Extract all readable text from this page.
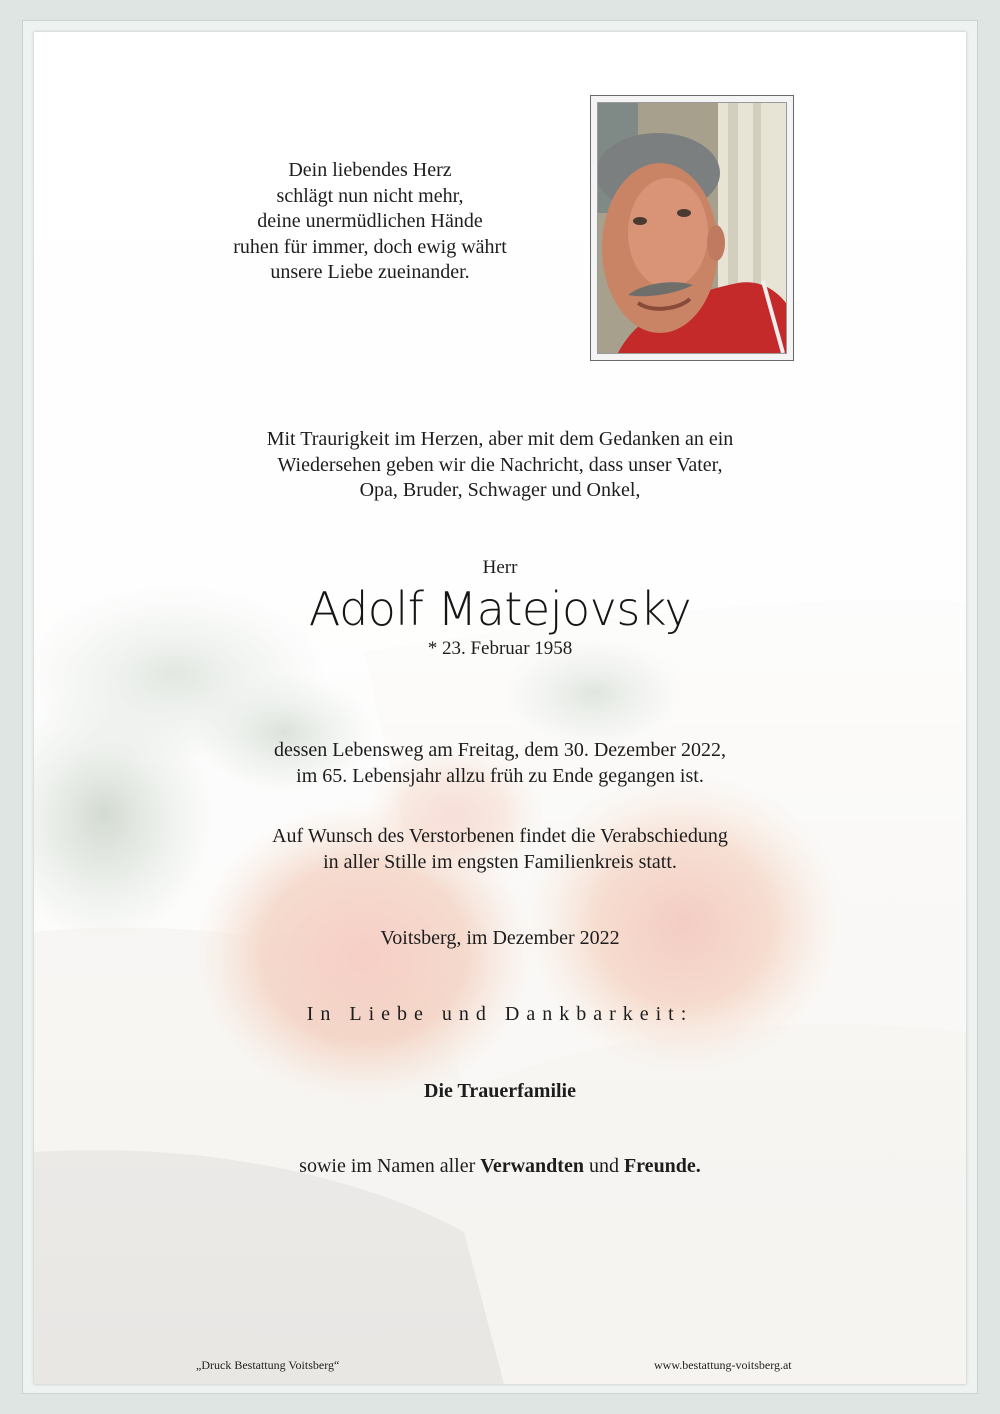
Dein liebendes Herz
schlägt nun nicht mehr,
deine unermüdlichen Hände
ruhen für immer, doch ewig währt
unsere Liebe zueinander.
Mit Traurigkeit im Herzen, aber mit dem Gedanken an ein
Wiedersehen geben wir die Nachricht, dass unser Vater,
Opa, Bruder, Schwager und Onkel,
Herr
Adolf Matejovsky
* 23. Februar 1958
dessen Lebensweg am Freitag, dem 30. Dezember 2022,
im 65. Lebensjahr allzu früh zu Ende gegangen ist.
Auf Wunsch des Verstorbenen findet die Verabschiedung
in aller Stille im engsten Familienkreis statt.
Voitsberg, im Dezember 2022
In Liebe und Dankbarkeit:
Die Trauerfamilie
sowie im Namen aller Verwandten und Freunde.
„Druck Bestattung Voitsberg“	www.bestattung-voitsberg.at
